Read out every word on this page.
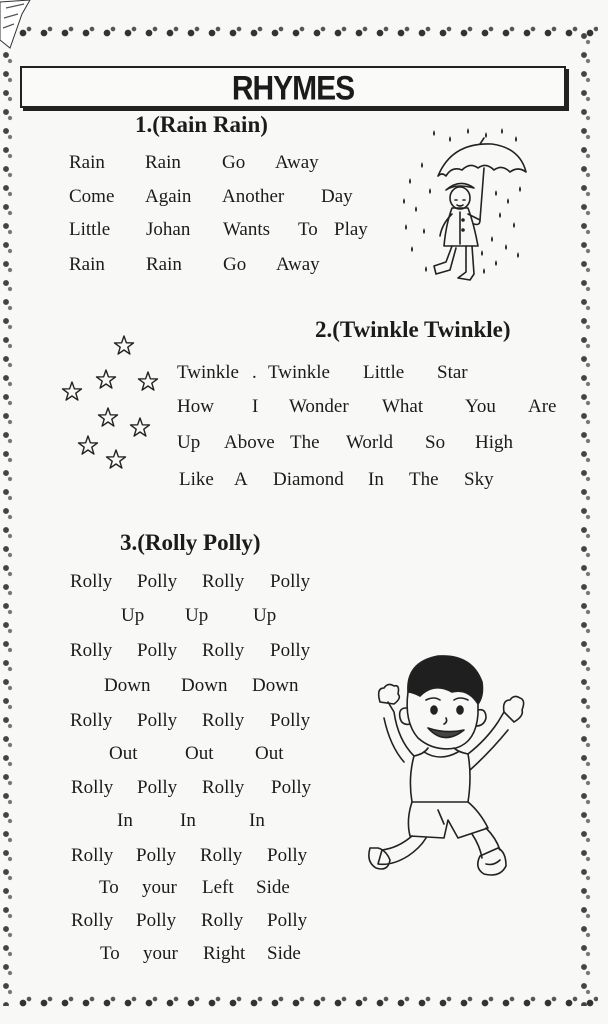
RHYMES
1.(Rain Rain)
Rain Rain Go Away
Come Again Another Day
Little Johan Wants To Play
Rain Rain Go Away
2.(Twinkle Twinkle)
Twinkle . Twinkle Little Star
How I Wonder What You Are
Up Above The World So High
Like A Diamond In The Sky
3.(Rolly Polly)
Rolly Polly Rolly Polly
Up Up Up
Rolly Polly Rolly Polly
Down Down Down
Rolly Polly Rolly Polly
Out	Out Out
Rolly Polly Rolly Polly
In In	In
Rolly Polly Rolly Polly
To your Left Side
Rolly Polly Rolly Polly
To your Right Side
